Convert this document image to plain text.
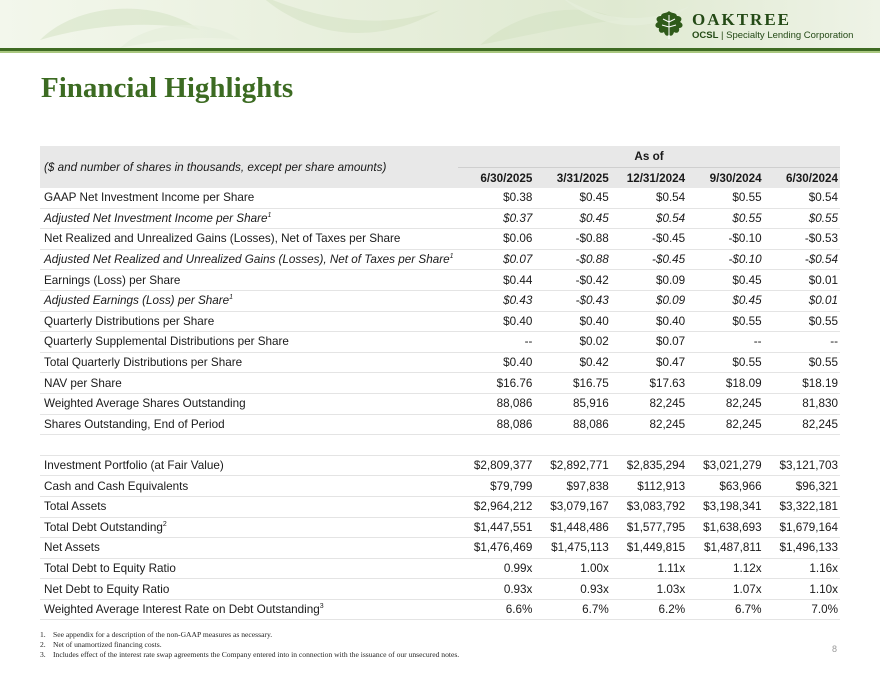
OAKTREE
OCSL | Specialty Lending Corporation
Financial Highlights
($ and number of shares in thousands, except per share amounts)	As of				
	6/30/2025	3/31/2025	12/31/2024	9/30/2024	6/30/2024
GAAP Net Investment Income per Share	$0.38	$0.45	$0.54	$0.55	$0.54
Adjusted Net Investment Income per Share$^1$	$0.37	$0.45	$0.54	$0.55	$0.55
Net Realized and Unrealized Gains (Losses), Net of Taxes per Share	$0.06	-$0.88	-$0.45	-$0.10	-$0.53
Adjusted Net Realized and Unrealized Gains (Losses), Net of Taxes per Share$^1$	$0.07	-$0.88	-$0.45	-$0.10	-$0.54
Earnings (Loss) per Share	$0.44	-$0.42	$0.09	$0.45	$0.01
Adjusted Earnings (Loss) per Share$^1$	$0.43	-$0.43	$0.09	$0.45	$0.01
Quarterly Distributions per Share	$0.40	$0.40	$0.40	$0.55	$0.55
Quarterly Supplemental Distributions per Share	--	$0.02	$0.07	--	--
Total Quarterly Distributions per Share	$0.40	$0.42	$0.47	$0.55	$0.55
NAV per Share	$16.76	$16.75	$17.63	$18.09	$18.19
Weighted Average Shares Outstanding	88,086	85,916	82,245	82,245	81,830
Shares Outstanding, End of Period	88,086	88,086	82,245	82,245	82,245

Investment Portfolio (at Fair Value)	$2,809,377	$2,892,771	$2,835,294	$3,021,279	$3,121,703
Cash and Cash Equivalents	$79,799	$97,838	$112,913	$63,966	$96,321
Total Assets	$2,964,212	$3,079,167	$3,083,792	$3,198,341	$3,322,181
Total Debt Outstanding$^2$	$1,447,551	$1,448,486	$1,577,795	$1,638,693	$1,679,164
Net Assets	$1,476,469	$1,475,113	$1,449,815	$1,487,811	$1,496,133
Total Debt to Equity Ratio	0.99x	1.00x	1.11x	1.12x	1.16x
Net Debt to Equity Ratio	0.93x	0.93x	1.03x	1.07x	1.10x
Weighted Average Interest Rate on Debt Outstanding$^3$	6.6%	6.7%	6.2%	6.7%	7.0%
1. See appendix for a description of the non-GAAP measures as necessary.
2. Net of unamortized financing costs.
3. Includes effect of the interest rate swap agreements the Company entered into in connection with the issuance of our unsecured notes.
8
